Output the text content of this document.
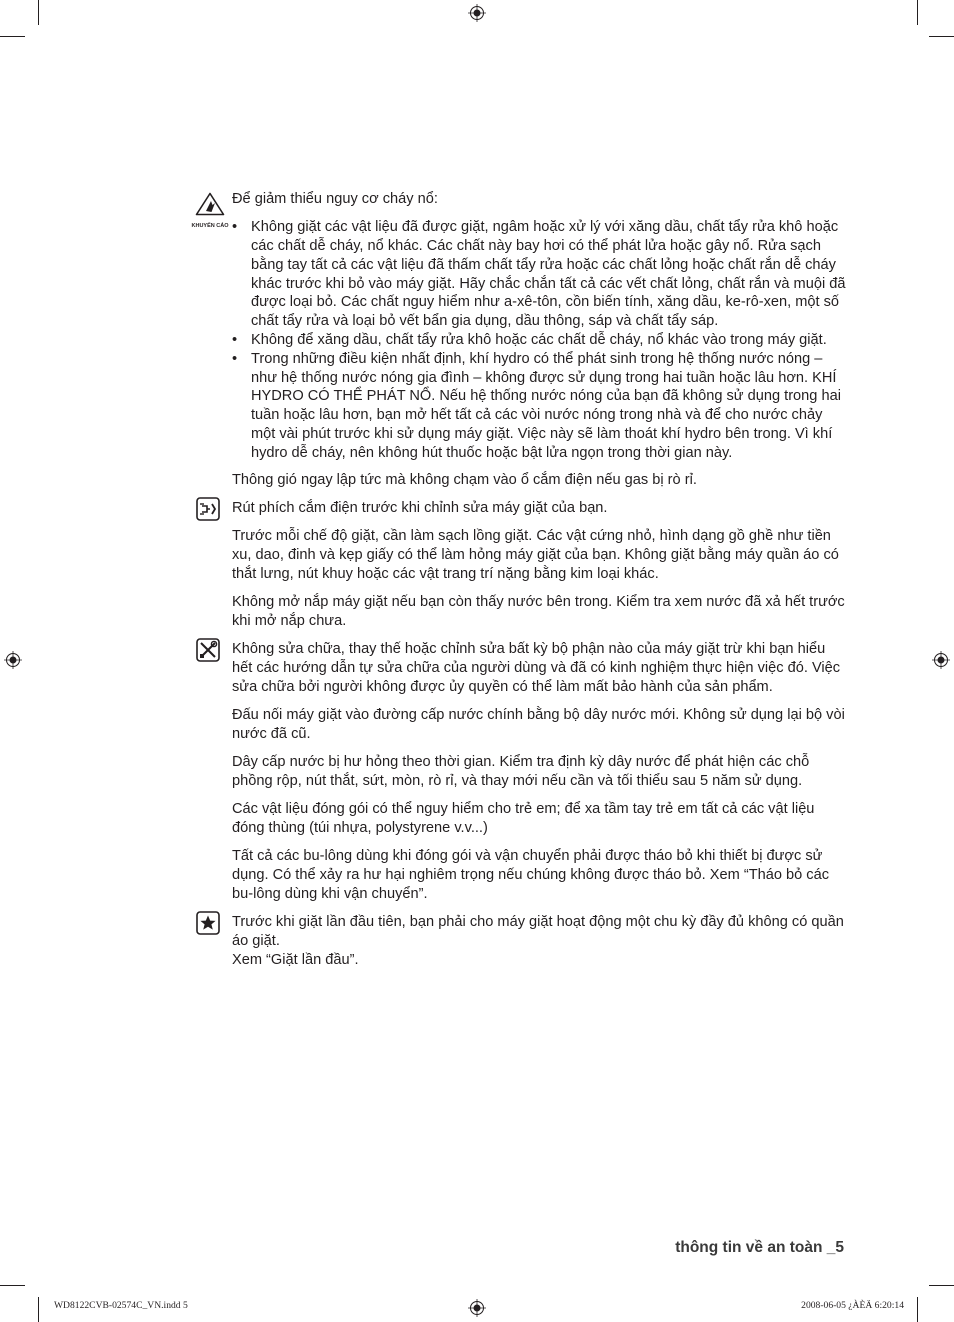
KHUYẾN CÁO

Để giảm thiểu nguy cơ cháy nổ:

• Không giặt các vật liệu đã được giặt, ngâm hoặc xử lý với xăng dầu, chất tẩy rửa khô hoặc các chất dễ cháy, nổ khác. Các chất này bay hơi có thể phát lửa hoặc gây nổ. Rửa sạch bằng tay tất cả các vật liệu đã thấm chất tẩy rửa hoặc các chất lỏng hoặc chất rắn dễ cháy khác trước khi bỏ vào máy giặt. Hãy chắc chắn tất cả các vết chất lỏng, chất rắn và muội đã được loại bỏ. Các chất nguy hiểm như a-xê-tôn, cồn biến tính, xăng dầu, ke-rô-xen, một số chất tẩy rửa và loại bỏ vết bẩn gia dụng, dầu thông, sáp và chất tẩy sáp.
• Không để xăng dầu, chất tẩy rửa khô hoặc các chất dễ cháy, nổ khác vào trong máy giặt.
• Trong những điều kiện nhất định, khí hydro có thể phát sinh trong hệ thống nước nóng – như hệ thống nước nóng gia đình – không được sử dụng trong hai tuần hoặc lâu hơn. KHÍ HYDRO CÓ THỂ PHÁT NỔ. Nếu hệ thống nước nóng của bạn đã không sử dụng trong hai tuần hoặc lâu hơn, bạn mở hết tất cả các vòi nước nóng trong nhà và để cho nước chảy một vài phút trước khi sử dụng máy giặt. Việc này sẽ làm thoát khí hydro bên trong. Vì khí hydro dễ cháy, nên không hút thuốc hoặc bật lửa ngọn trong thời gian này.

Thông gió ngay lập tức mà không chạm vào ổ cắm điện nếu gas bị rò rỉ.

Rút phích cắm điện trước khi chỉnh sửa máy giặt của bạn.

Trước mỗi chế độ giặt, cần làm sạch lồng giặt. Các vật cứng nhỏ, hình dạng gồ ghề như tiền xu, dao, đinh và kẹp giấy có thể làm hỏng máy giặt của bạn. Không giặt bằng máy quần áo có thắt lưng, nút khuy hoặc các vật trang trí nặng bằng kim loại khác.

Không mở nắp máy giặt nếu bạn còn thấy nước bên trong. Kiểm tra xem nước đã xả hết trước khi mở nắp chưa.

Không sửa chữa, thay thế hoặc chỉnh sửa bất kỳ bộ phận nào của máy giặt trừ khi bạn hiểu hết các hướng dẫn tự sửa chữa của người dùng và đã có kinh nghiệm thực hiện việc đó. Việc sửa chữa bởi người không được ủy quyền có thể làm mất bảo hành của sản phẩm.

Đấu nối máy giặt vào đường cấp nước chính bằng bộ dây nước mới. Không sử dụng lại bộ vòi nước đã cũ.

Dây cấp nước bị hư hỏng theo thời gian. Kiểm tra định kỳ dây nước để phát hiện các chỗ phồng rộp, nút thắt, sứt, mòn, rò rỉ, và thay mới nếu cần và tối thiểu sau 5 năm sử dụng.

Các vật liệu đóng gói có thể nguy hiểm cho trẻ em; để xa tầm tay trẻ em tất cả các vật liệu đóng thùng (túi nhựa, polystyrene v.v...)

Tất cả các bu-lông dùng khi đóng gói và vận chuyển phải được tháo bỏ khi thiết bị được sử dụng. Có thể xảy ra hư hại nghiêm trọng nếu chúng không được tháo bỏ. Xem “Tháo bỏ các bu-lông dùng khi vận chuyển”.

Trước khi giặt lần đầu tiên, bạn phải cho máy giặt hoạt động một chu kỳ đầy đủ không có quần áo giặt.

Xem “Giặt lần đầu”.

thông tin về an toàn _5
WD8122CVB-02574C_VN.indd 5	2008-06-05 ¿ÀÈÄ 6:20:14
